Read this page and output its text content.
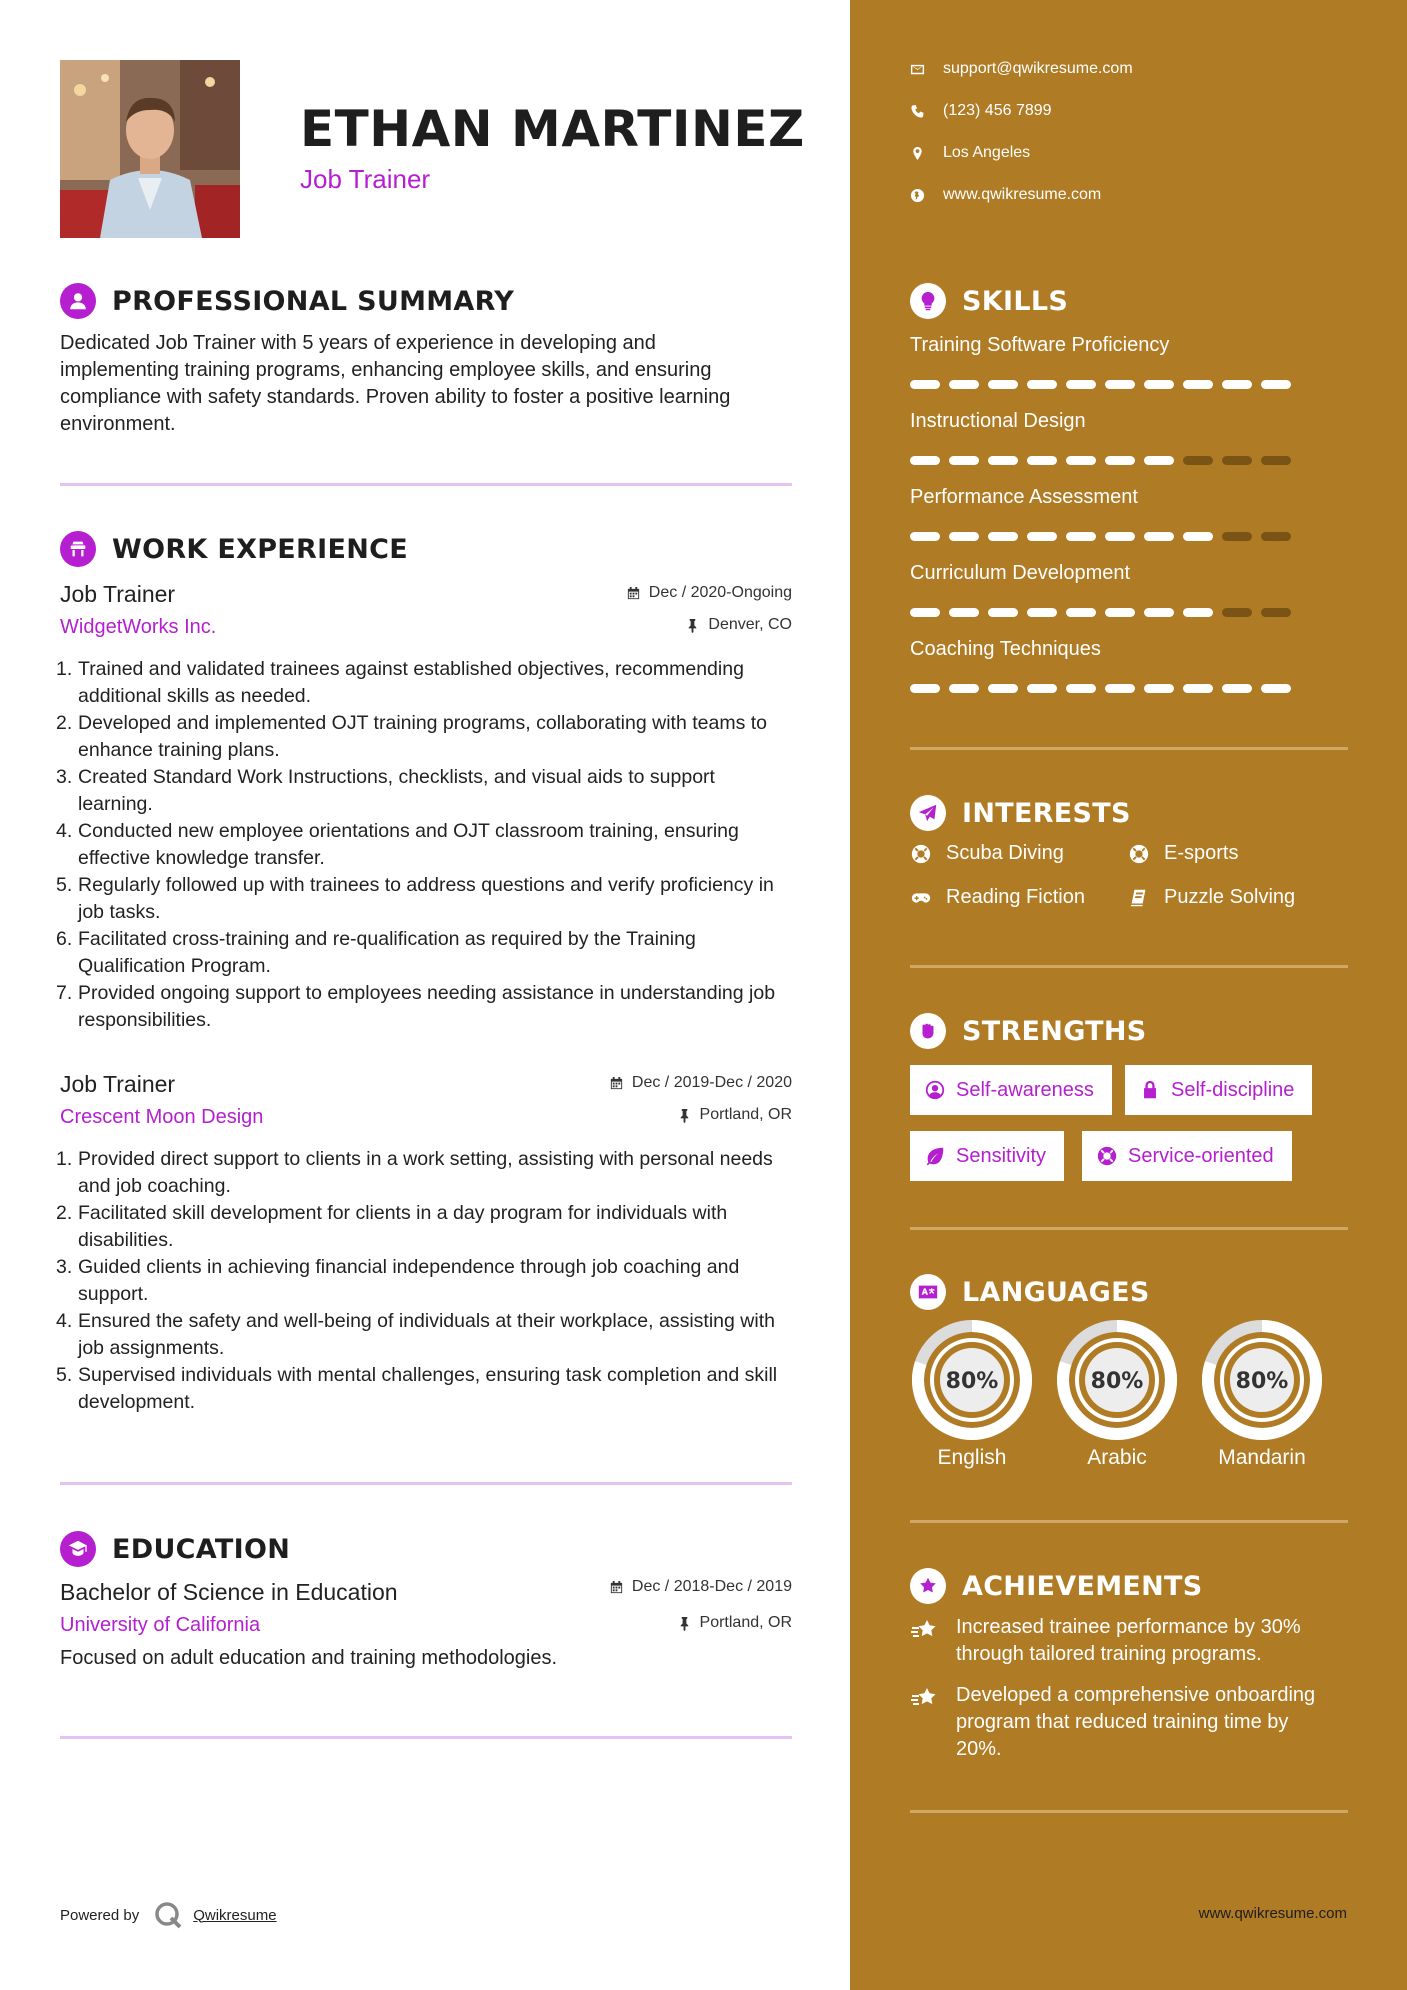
ETHAN MARTINEZ
Job Trainer
PROFESSIONAL SUMMARY
Dedicated Job Trainer with 5 years of experience in developing and implementing training programs, enhancing employee skills, and ensuring compliance with safety standards. Proven ability to foster a positive learning environment.
WORK EXPERIENCE
Job Trainer
WidgetWorks Inc.
Dec / 2020-Ongoing
Denver, CO
1. Trained and validated trainees against established objectives, recommending additional skills as needed.
2. Developed and implemented OJT training programs, collaborating with teams to enhance training plans.
3. Created Standard Work Instructions, checklists, and visual aids to support learning.
4. Conducted new employee orientations and OJT classroom training, ensuring effective knowledge transfer.
5. Regularly followed up with trainees to address questions and verify proficiency in job tasks.
6. Facilitated cross-training and re-qualification as required by the Training Qualification Program.
7. Provided ongoing support to employees needing assistance in understanding job responsibilities.
Job Trainer
Crescent Moon Design
Dec / 2019-Dec / 2020
Portland, OR
1. Provided direct support to clients in a work setting, assisting with personal needs and job coaching.
2. Facilitated skill development for clients in a day program for individuals with disabilities.
3. Guided clients in achieving financial independence through job coaching and support.
4. Ensured the safety and well-being of individuals at their workplace, assisting with job assignments.
5. Supervised individuals with mental challenges, ensuring task completion and skill development.
EDUCATION
Bachelor of Science in Education
University of California
Dec / 2018-Dec / 2019
Portland, OR
Focused on adult education and training methodologies.
Powered by	Qwikresume
support@qwikresume.com
(123) 456 7899
Los Angeles
www.qwikresume.com
SKILLS
Training Software Proficiency
Instructional Design
Performance Assessment
Curriculum Development
Coaching Techniques
INTERESTS
Scuba Diving	E-sports
Reading Fiction	Puzzle Solving
STRENGTHS
Self-awareness	Self-discipline
Sensitivity	Service-oriented
LANGUAGES
80%
English
80%
Arabic
80%
Mandarin
ACHIEVEMENTS
Increased trainee performance by 30% through tailored training programs.
Developed a comprehensive onboarding program that reduced training time by 20%.
www.qwikresume.com
